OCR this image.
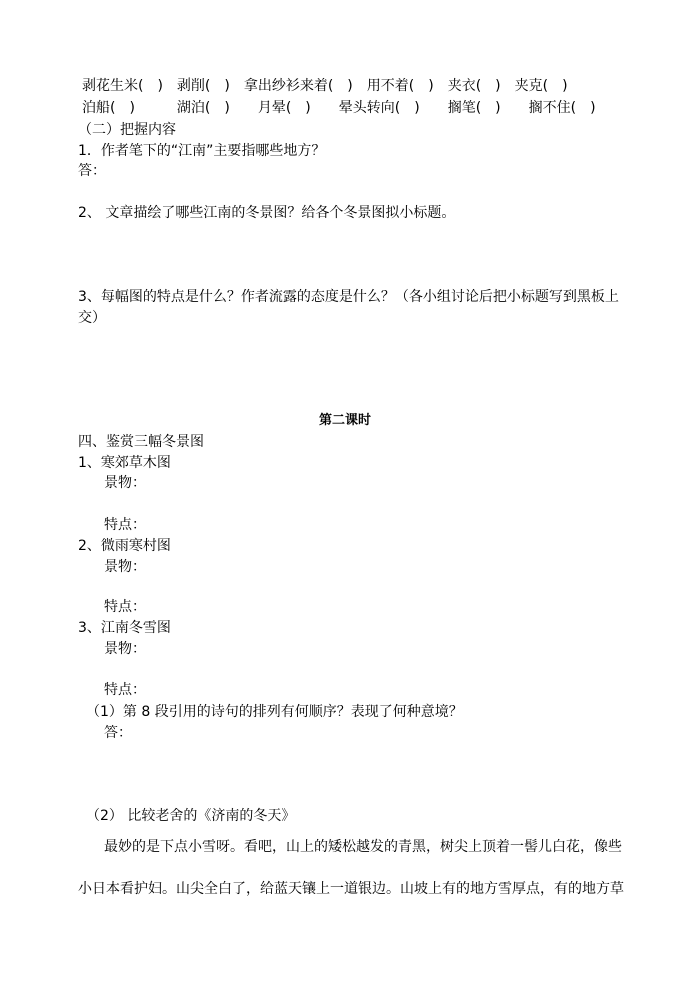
剥花生米(　)　剥削(　)　拿出纱衫来着(　)　用不着(　)　夹衣(　)　夹克(　)
泊船(　)　　　湖泊(　)　　月晕(　)　　晕头转向(　)　　搁笔(　)　　搁不住(　)
（二）把握内容
1．作者笔下的“江南”主要指哪些地方？
答：
2、 文章描绘了哪些江南的冬景图？给各个冬景图拟小标题。
3、每幅图的特点是什么？作者流露的态度是什么？（各小组讨论后把小标题写到黑板上
交）
第二课时
四、鉴赏三幅冬景图
1、寒郊草木图
景物：
特点：
2、微雨寒村图
景物：
特点：
3、江南冬雪图
景物：
特点：
（1）第 8 段引用的诗句的排列有何顺序？表现了何种意境？
答：
（2） 比较老舍的《济南的冬天》
最妙的是下点小雪呀。看吧，山上的矮松越发的青黑，树尖上顶着一髻儿白花，像些
小日本看护妇。山尖全白了，给蓝天镶上一道银边。山坡上有的地方雪厚点，有的地方草
